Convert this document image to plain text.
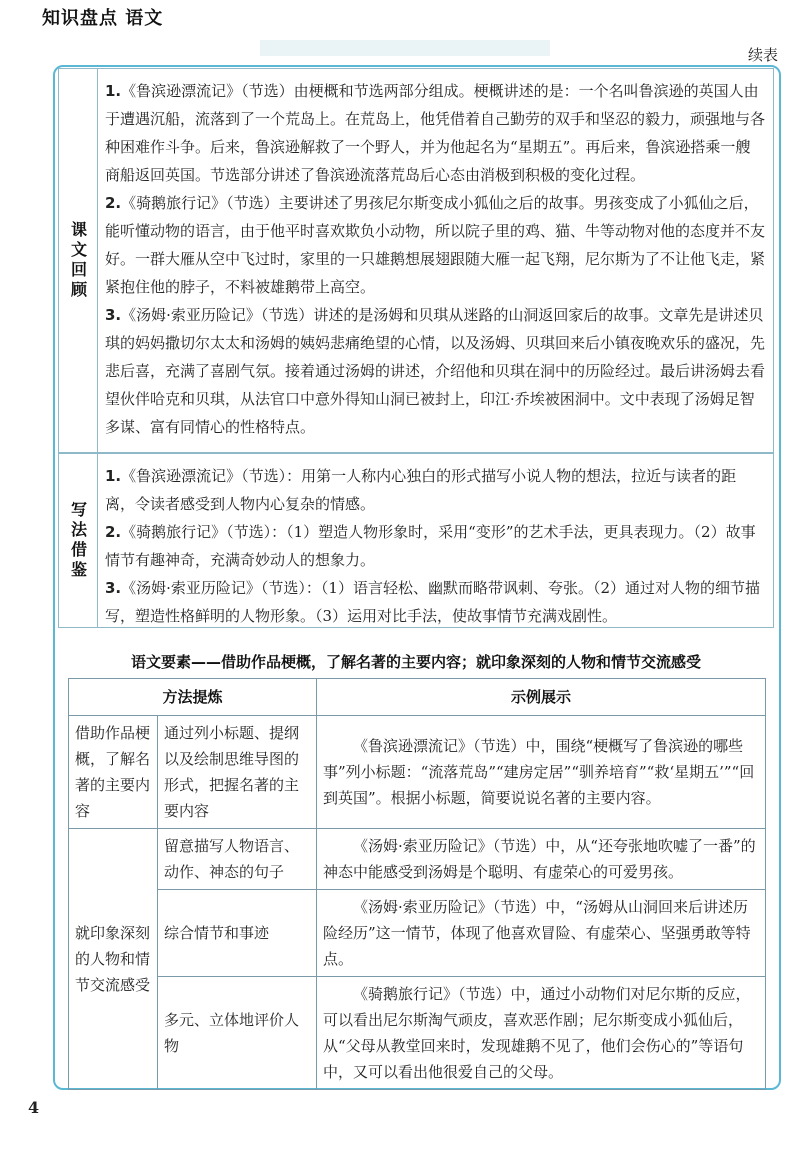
知识盘点 语文
续表
课文回顾

1.《鲁滨逊漂流记》（节选）由梗概和节选两部分组成。梗概讲述的是：一个名叫鲁滨逊的英国人由于遭遇沉船，流落到了一个荒岛上。在荒岛上，他凭借着自己勤劳的双手和坚忍的毅力，顽强地与各种困难作斗争。后来，鲁滨逊解救了一个野人，并为他起名为“星期五”。再后来，鲁滨逊搭乘一艘商船返回英国。节选部分讲述了鲁滨逊流落荒岛后心态由消极到积极的变化过程。

2.《骑鹅旅行记》（节选）主要讲述了男孩尼尔斯变成小狐仙之后的故事。男孩变成了小狐仙之后，能听懂动物的语言，由于他平时喜欢欺负小动物，所以院子里的鸡、猫、牛等动物对他的态度并不友好。一群大雁从空中飞过时，家里的一只雄鹅想展翅跟随大雁一起飞翔，尼尔斯为了不让他飞走，紧紧抱住他的脖子，不料被雄鹅带上高空。

3.《汤姆·索亚历险记》（节选）讲述的是汤姆和贝琪从迷路的山洞返回家后的故事。文章先是讲述贝琪的妈妈撒切尔太太和汤姆的姨妈悲痛绝望的心情，以及汤姆、贝琪回来后小镇夜晚欢乐的盛况，先悲后喜，充满了喜剧气氛。接着通过汤姆的讲述，介绍他和贝琪在洞中的历险经过。最后讲汤姆去看望伙伴哈克和贝琪，从法官口中意外得知山洞已被封上，印江·乔埃被困洞中。文中表现了汤姆足智多谋、富有同情心的性格特点。

写法借鉴

1.《鲁滨逊漂流记》（节选）：用第一人称内心独白的形式描写小说人物的想法，拉近与读者的距离，令读者感受到人物内心复杂的情感。

2.《骑鹅旅行记》（节选）：（1）塑造人物形象时，采用“变形”的艺术手法，更具表现力。（2）故事情节有趣神奇，充满奇妙动人的想象力。

3.《汤姆·索亚历险记》（节选）：（1）语言轻松、幽默而略带讽刺、夸张。（2）通过对人物的细节描写，塑造性格鲜明的人物形象。（3）运用对比手法，使故事情节充满戏剧性。

语文要素——借助作品梗概，了解名著的主要内容；就印象深刻的人物和情节交流感受
方法提炼		示例展示
借助作品梗概，了解名著的主要内容	通过列小标题、提纲以及绘制思维导图的形式，把握名著的主要内容	《鲁滨逊漂流记》（节选）中，围绕“梗概写了鲁滨逊的哪些事”列小标题：“流落荒岛”“建房定居”“驯养培育”“救‘星期五’”“回到英国”。根据小标题，简要说说名著的主要内容。
就印象深刻的人物和情节交流感受	留意描写人物语言、动作、神态的句子	《汤姆·索亚历险记》（节选）中，从“还夸张地吹嘘了一番”的神态中能感受到汤姆是个聪明、有虚荣心的可爱男孩。
	综合情节和事迹	《汤姆·索亚历险记》（节选）中，“汤姆从山洞回来后讲述历险经历”这一情节，体现了他喜欢冒险、有虚荣心、坚强勇敢等特点。
	多元、立体地评价人物	《骑鹅旅行记》（节选）中，通过小动物们对尼尔斯的反应，可以看出尼尔斯淘气顽皮，喜欢恶作剧；尼尔斯变成小狐仙后，从“父母从教堂回来时，发现雄鹅不见了，他们会伤心的”等语句中，又可以看出他很爱自己的父母。
4
